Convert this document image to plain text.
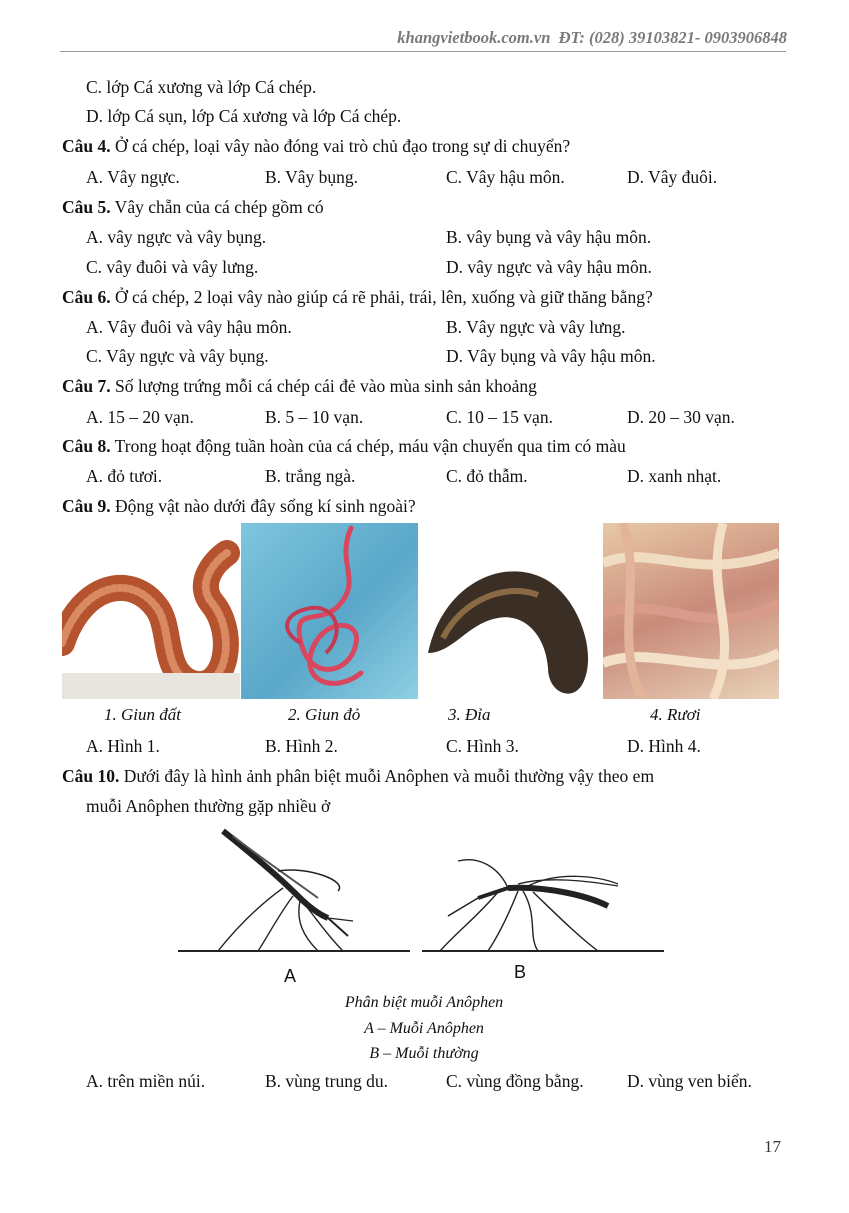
khangvietbook.com.vn ĐT: (028) 39103821- 0903906848
C. lớp Cá xương và lớp Cá chép.
D. lớp Cá sụn, lớp Cá xương và lớp Cá chép.
Câu 4. Ở cá chép, loại vây nào đóng vai trò chủ đạo trong sự di chuyển?
A. Vây ngực.	B. Vây bụng.	C. Vây hậu môn.	D. Vây đuôi.
Câu 5. Vây chẵn của cá chép gồm có
A. vây ngực và vây bụng.	B. vây bụng và vây hậu môn.
C. vây đuôi và vây lưng.	D. vây ngực và vây hậu môn.
Câu 6. Ở cá chép, 2 loại vây nào giúp cá rẽ phải, trái, lên, xuống và giữ thăng bằng?
A. Vây đuôi và vây hậu môn.	B. Vây ngực và vây lưng.
C. Vây ngực và vây bụng.	D. Vây bụng và vây hậu môn.
Câu 7. Số lượng trứng mỗi cá chép cái đẻ vào mùa sinh sản khoảng
A. 15 – 20 vạn.	B. 5 – 10 vạn.	C. 10 – 15 vạn.	D. 20 – 30 vạn.
Câu 8. Trong hoạt động tuần hoàn của cá chép, máu vận chuyển qua tim có màu
A. đỏ tươi.	B. trắng ngà.	C. đỏ thẫm.	D. xanh nhạt.
Câu 9. Động vật nào dưới đây sống kí sinh ngoài?
1. Giun đất	2. Giun đỏ	3. Đỉa	4. Rươi
A. Hình 1.	B. Hình 2.	C. Hình 3.	D. Hình 4.
Câu 10. Dưới đây là hình ảnh phân biệt muỗi Anôphen và muỗi thường vậy theo em
muỗi Anôphen thường gặp nhiều ở
A	B
Phân biệt muỗi Anôphen
A – Muỗi Anôphen
B – Muỗi thường
A. trên miền núi.	B. vùng trung du.	C. vùng đồng bằng. D. vùng ven biển.
17
